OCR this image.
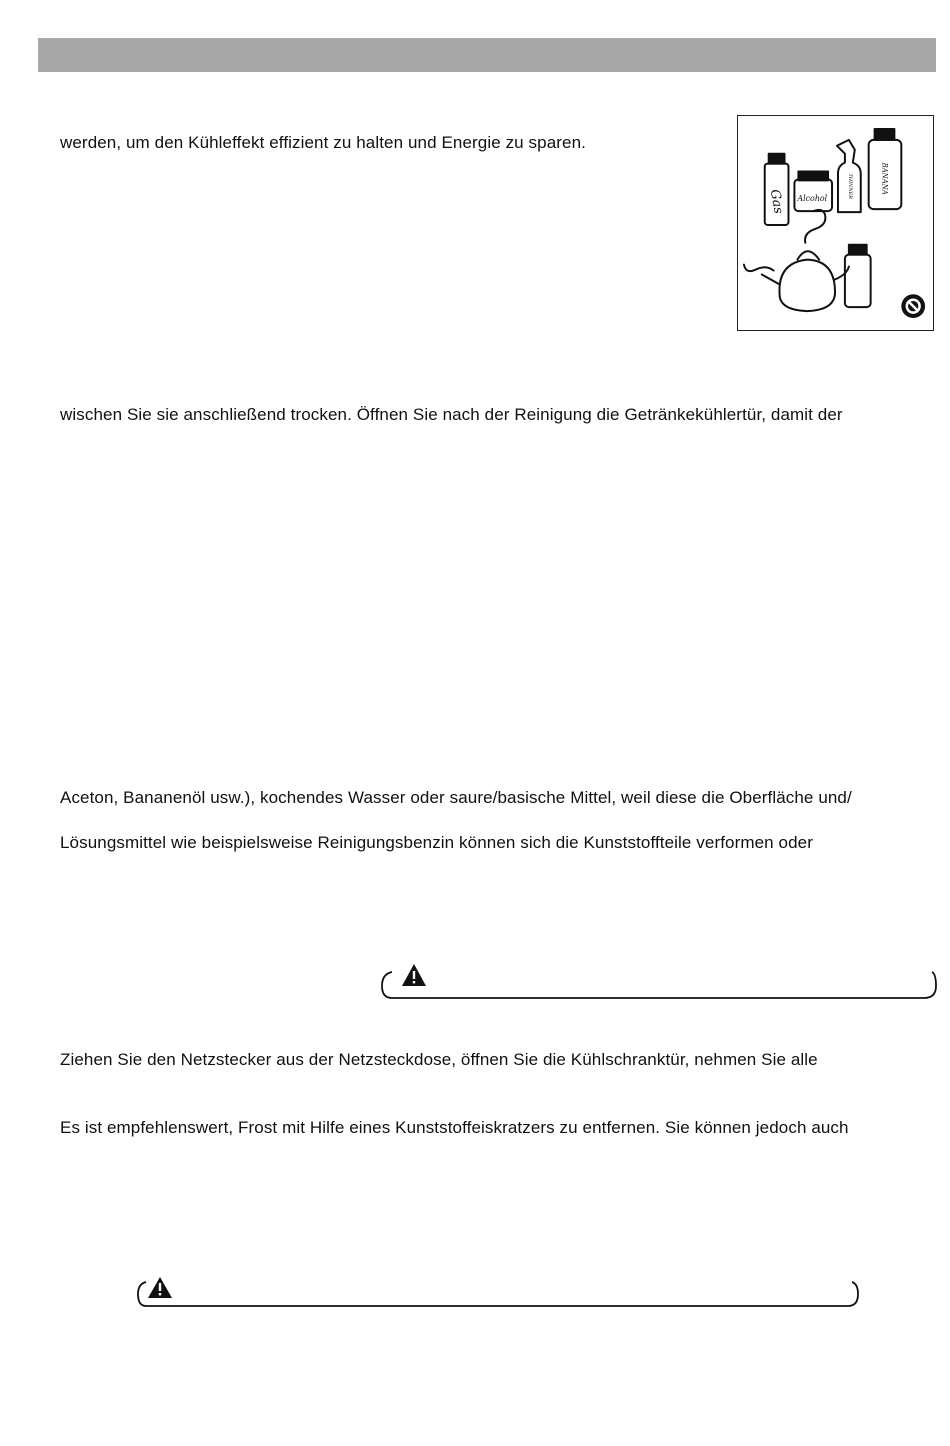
werden, um den Kühleffekt effizient zu halten und Energie zu sparen.
Gas Alcohol
BANANA
THINNER
wischen Sie sie anschließend trocken. Öffnen Sie nach der Reinigung die Getränkekühlertür, damit der
Aceton, Bananenöl usw.), kochendes Wasser oder saure/basische Mittel, weil diese die Oberfläche und/
Lösungsmittel wie beispielsweise Reinigungsbenzin können sich die Kunststoffteile verformen oder
Ziehen Sie den Netzstecker aus der Netzsteckdose, öffnen Sie die Kühlschranktür, nehmen Sie alle
Es ist empfehlenswert, Frost mit Hilfe eines Kunststoffeiskratzers zu entfernen. Sie können jedoch auch
